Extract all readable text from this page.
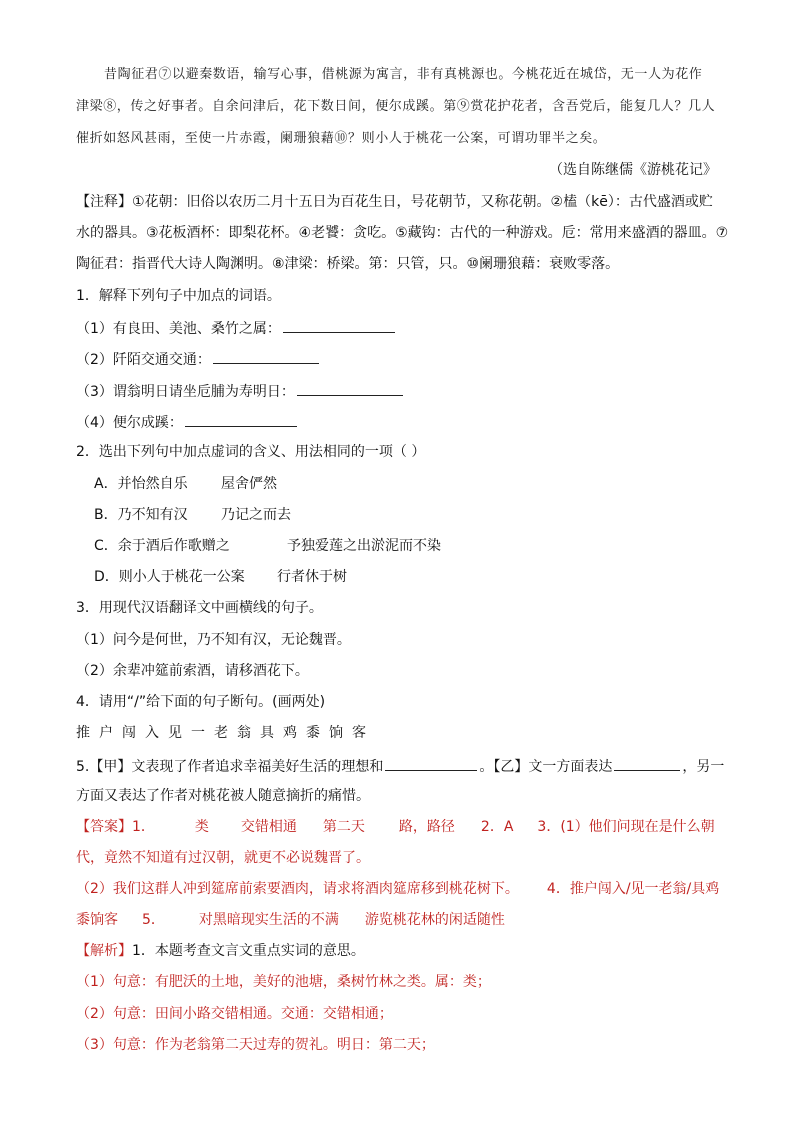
昔陶征君⑦以避秦数语，输写心事，借桃源为寓言，非有真桃源也。今桃花近在城岱，无一人为花作
津梁⑧，传之好事者。自余问津后，花下数日间，便尔成蹊。第⑨赏花护花者，含吾党后，能复几人？几人
催折如怒风甚雨，至使一片赤霞，阑珊狼藉⑩？则小人于桃花一公案，可谓功罪半之矣。
（选自陈继儒《游桃花记》
【注释】①花朝：旧俗以农历二月十五日为百花生日，号花朝节，又称花朝。②榼（kē）：古代盛酒或贮
水的器具。③花板酒杯：即梨花杯。④老饕：贪吃。⑤藏钩：古代的一种游戏。卮：常用来盛酒的器皿。⑦
陶征君：指晋代大诗人陶渊明。⑧津梁：桥梁。第：只管，只。⑩阑珊狼藉：衰败零落。
1．解释下列句子中加点的词语。
（1）有良田、美池、桑竹之属：
（2）阡陌交通交通：
（3）谓翁明日请坐卮脯为寿明日：
（4）便尔成蹊：
2．选出下列句中加点虚词的含义、用法相同的一项（ ）
A．并怡然自乐 屋舍俨然
B．乃不知有汉 乃记之而去
C．余于酒后作歌赠之	予独爱莲之出淤泥而不染
D．则小人于桃花一公案 行者休于树
3．用现代汉语翻译文中画横线的句子。
（1）问今是何世，乃不知有汉，无论魏晋。
（2）余辈冲筵前索酒，请移酒花下。
4．请用“/”给下面的句子断句。(画两处)
推户闯入见一老翁具鸡黍饷客
5.【甲】文表现了作者追求幸福美好生活的理想和	。【乙】文一方面表达	，另一
方面又表达了作者对桃花被人随意摘折的痛惜。
【答案】1．	类 交错相通 第二天 路，路径 2．A 3．(1）他们问现在是什么朝
代，竟然不知道有过汉朝，就更不必说魏晋了。
（2）我们这群人冲到筵席前索要酒肉，请求将酒肉筵席移到桃花树下。 4．推户闯入/见一老翁/具鸡
黍饷客 5． 对黑暗现实生活的不满 游览桃花林的闲适随性
【解析】1．本题考查文言文重点实词的意思。
（1）句意：有肥沃的土地，美好的池塘，桑树竹林之类。属：类；
（2）句意：田间小路交错相通。交通：交错相通；
（3）句意：作为老翁第二天过寿的贺礼。明日：第二天；
